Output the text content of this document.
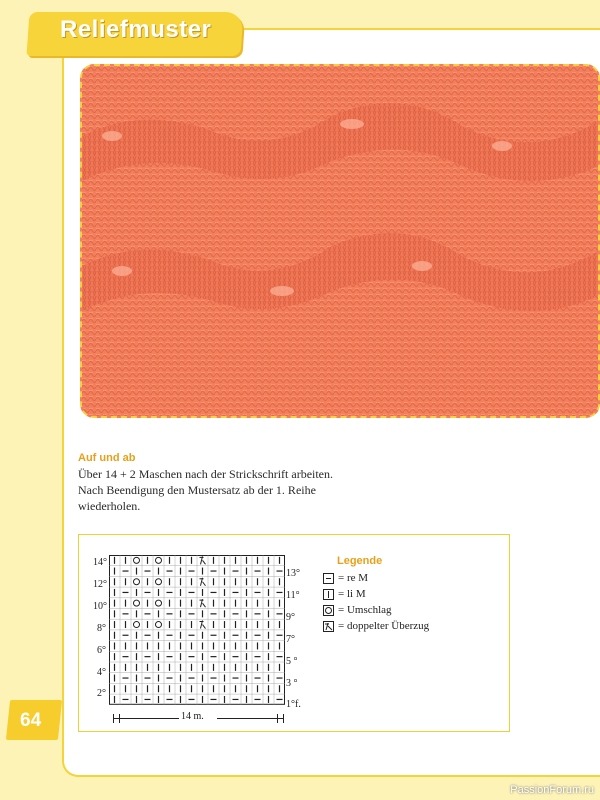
Reliefmuster
Auf und ab

Über 14 + 2 Maschen nach der Strickschrift arbeiten.

Nach Beendigung den Mustersatz ab der 1. Reihe

wiederholen.

14°
12°
10°
8°
6°
4°
2°
13°
11°
9°
7°
5 °
3 °
1°f.
14 m.
Legende
= re M
= li M
= Umschlag
= doppelter Überzug
64
PassionForum.ru
